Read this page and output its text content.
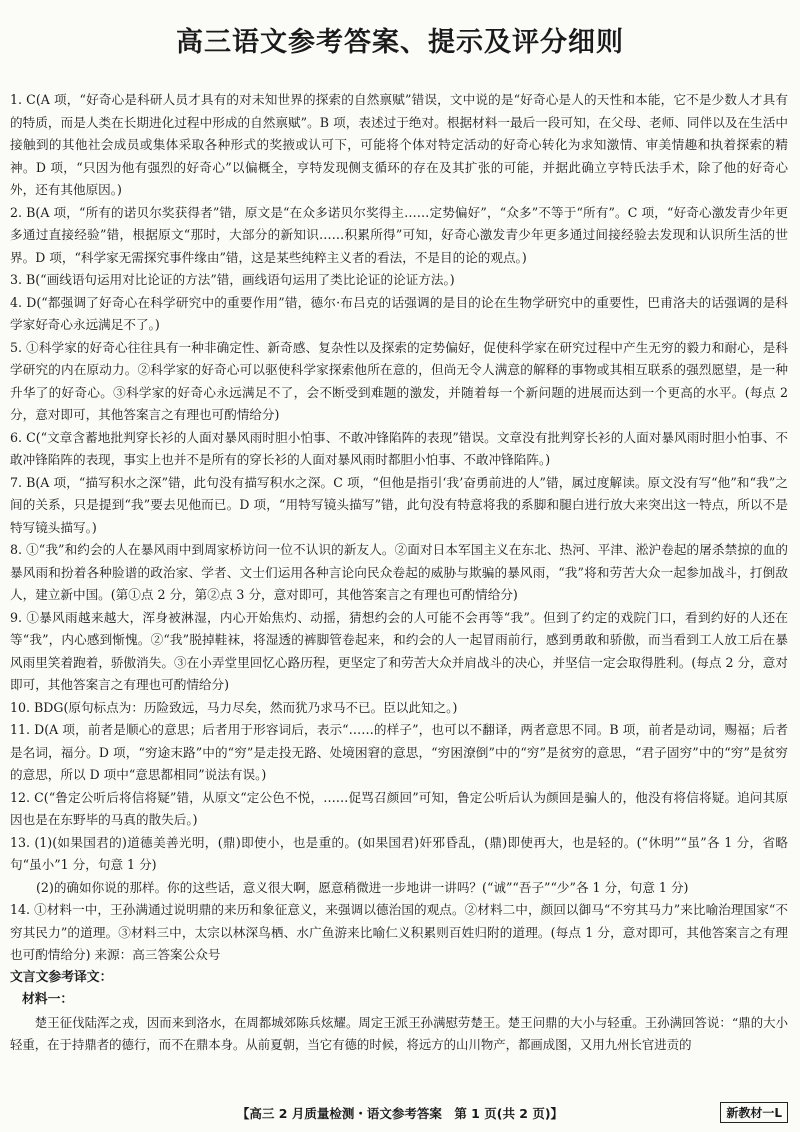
高三语文参考答案、提示及评分细则

1. C(A 项，“好奇心是科研人员才具有的对未知世界的探索的自然禀赋”错误，文中说的是“好奇心是人的天性和本能，它不是少数人才具有的特质，而是人类在长期进化过程中形成的自然禀赋”。B 项，表述过于绝对。根据材料一最后一段可知，在父母、老师、同伴以及在生活中接触到的其他社会成员或集体采取各种形式的奖掖或认可下，可能将个体对特定活动的好奇心转化为求知激情、审美情趣和执着探索的精神。D 项，“只因为他有强烈的好奇心”以偏概全，亨特发现侧支循环的存在及其扩张的可能，并据此确立亨特氏法手术，除了他的好奇心外，还有其他原因。)

2. B(A 项，“所有的诺贝尔奖获得者”错，原文是“在众多诺贝尔奖得主……定势偏好”，“众多”不等于“所有”。C 项，“好奇心激发青少年更多通过直接经验”错，根据原文“那时，大部分的新知识……积累所得”可知，好奇心激发青少年更多通过间接经验去发现和认识所生活的世界。D 项，“科学家无需探究事件缘由”错，这是某些纯粹主义者的看法，不是目的论的观点。)

3. B(“画线语句运用对比论证的方法”错，画线语句运用了类比论证的论证方法。)

4. D(“都强调了好奇心在科学研究中的重要作用”错，德尔·布吕克的话强调的是目的论在生物学研究中的重要性，巴甫洛夫的话强调的是科学家好奇心永远满足不了。)

5. ①科学家的好奇心往往具有一种非确定性、新奇感、复杂性以及探索的定势偏好，促使科学家在研究过程中产生无穷的毅力和耐心，是科学研究的内在原动力。②科学家的好奇心可以驱使科学家探索他所在意的，但尚无令人满意的解释的事物或其相互联系的强烈愿望，是一种升华了的好奇心。③科学家的好奇心永远满足不了，会不断受到难题的激发，并随着每一个新问题的进展而达到一个更高的水平。(每点 2 分，意对即可，其他答案言之有理也可酌情给分)

6. C(“文章含蓄地批判穿长衫的人面对暴风雨时胆小怕事、不敢冲锋陷阵的表现”错误。文章没有批判穿长衫的人面对暴风雨时胆小怕事、不敢冲锋陷阵的表现，事实上也并不是所有的穿长衫的人面对暴风雨时都胆小怕事、不敢冲锋陷阵。)

7. B(A 项，“描写积水之深”错，此句没有描写积水之深。C 项，“但他是指引‘我’奋勇前进的人”错，属过度解读。原文没有写“他”和“我”之间的关系，只是提到“我”要去见他而已。D 项，“用特写镜头描写”错，此句没有特意将我的系脚和腿白进行放大来突出这一特点，所以不是特写镜头描写。)

8. ①“我”和约会的人在暴风雨中到周家桥访问一位不认识的新友人。②面对日本军国主义在东北、热河、平津、淞沪卷起的屠杀禁掠的血的暴风雨和扮着各种脸谱的政治家、学者、文士们运用各种言论向民众卷起的威胁与欺骗的暴风雨，“我”将和劳苦大众一起参加战斗，打倒敌人，建立新中国。(第①点 2 分，第②点 3 分，意对即可，其他答案言之有理也可酌情给分)

9. ①暴风雨越来越大，浑身被淋湿，内心开始焦灼、动摇，猜想约会的人可能不会再等“我”。但到了约定的戏院门口，看到约好的人还在等“我”，内心感到惭愧。②“我”脱掉鞋袜，将湿透的裤脚管卷起来，和约会的人一起冒雨前行，感到勇敢和骄傲，而当看到工人放工后在暴风雨里笑着跑着，骄傲消失。③在小弄堂里回忆心路历程，更坚定了和劳苦大众并肩战斗的决心，并坚信一定会取得胜利。(每点 2 分，意对即可，其他答案言之有理也可酌情给分)

10. BDG(原句标点为：历险致远，马力尽矣，然而犹乃求马不已。臣以此知之。)

11. D(A 项，前者是顺心的意思；后者用于形容词后，表示“……的样子”，也可以不翻译，两者意思不同。B 项，前者是动词，赐福；后者是名词，福分。D 项，“穷途末路”中的“穷”是走投无路、处境困窘的意思，“穷困潦倒”中的“穷”是贫穷的意思，“君子固穷”中的“穷”是贫穷的意思，所以 D 项中“意思都相同”说法有误。)

12. C(“鲁定公听后将信将疑”错，从原文“定公色不悦，……促骂召颜回”可知，鲁定公听后认为颜回是骗人的，他没有将信将疑。追问其原因也是在东野毕的马真的散失后。)

13. (1)(如果国君的)道德美善光明，(鼎)即使小，也是重的。(如果国君)奸邪昏乱，(鼎)即使再大，也是轻的。(“休明”“虽”各 1 分，省略句“虽小”1 分，句意 1 分)

(2)的确如你说的那样。你的这些话，意义很大啊，愿意稍微进一步地讲一讲吗？(“诚”“吾子”“少”各 1 分，句意 1 分)

14. ①材料一中，王孙满通过说明鼎的来历和象征意义，来强调以德治国的观点。②材料二中，颜回以御马“不穷其马力”来比喻治理国家“不穷其民力”的道理。③材料三中，太宗以林深鸟栖、水广鱼游来比喻仁义积累则百姓归附的道理。(每点 1 分，意对即可，其他答案言之有理也可酌情给分) 来源：高三答案公众号

文言文参考译文：

材料一：

楚王征伐陆浑之戎，因而来到洛水，在周都城郊陈兵炫耀。周定王派王孙满慰劳楚王。楚王问鼎的大小与轻重。王孙满回答说：“鼎的大小轻重，在于持鼎者的德行，而不在鼎本身。从前夏朝，当它有德的时候，将远方的山川物产，都画成图，又用九州长官进贡的

【高三 2 月质量检测・语文参考答案　第 1 页(共 2 页)】	新教材一L
